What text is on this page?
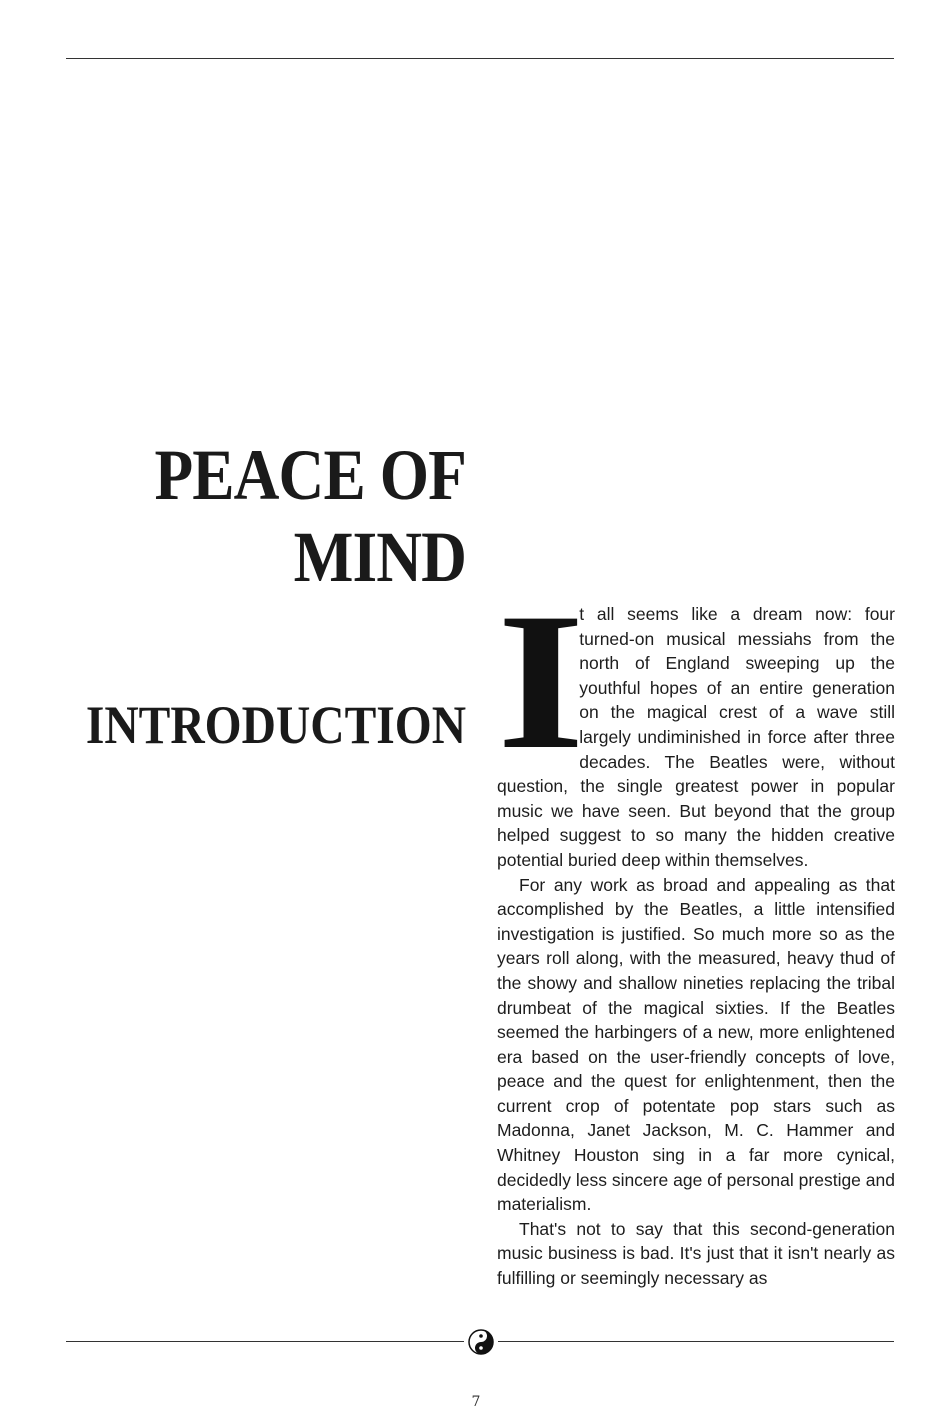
PEACE OF
MIND
INTRODUCTION I
t all seems like a dream now: four turned-on musical messiahs from the north of England sweeping up the youthful hopes of an entire generation on the magical crest of a wave still largely undiminished in force after three decades. The Beatles were, without question, the single greatest power in popular music we have seen. But beyond that the group helped suggest to so many the hidden creative potential buried deep within themselves.

For any work as broad and appealing as that accomplished by the Beatles, a little intensified investigation is justified. So much more so as the years roll along, with the measured, heavy thud of the showy and shallow nineties replacing the tribal drumbeat of the magical sixties. If the Beatles seemed the harbingers of a new, more enlightened era based on the user-friendly concepts of love, peace and the quest for enlightenment, then the current crop of potentate pop stars such as Madonna, Janet Jackson, M. C. Hammer and Whitney Houston sing in a far more cynical, decidedly less sincere age of personal prestige and materialism.

That's not to say that this second-generation music business is bad. It's just that it isn't nearly as fulfilling or seemingly necessary as

7
